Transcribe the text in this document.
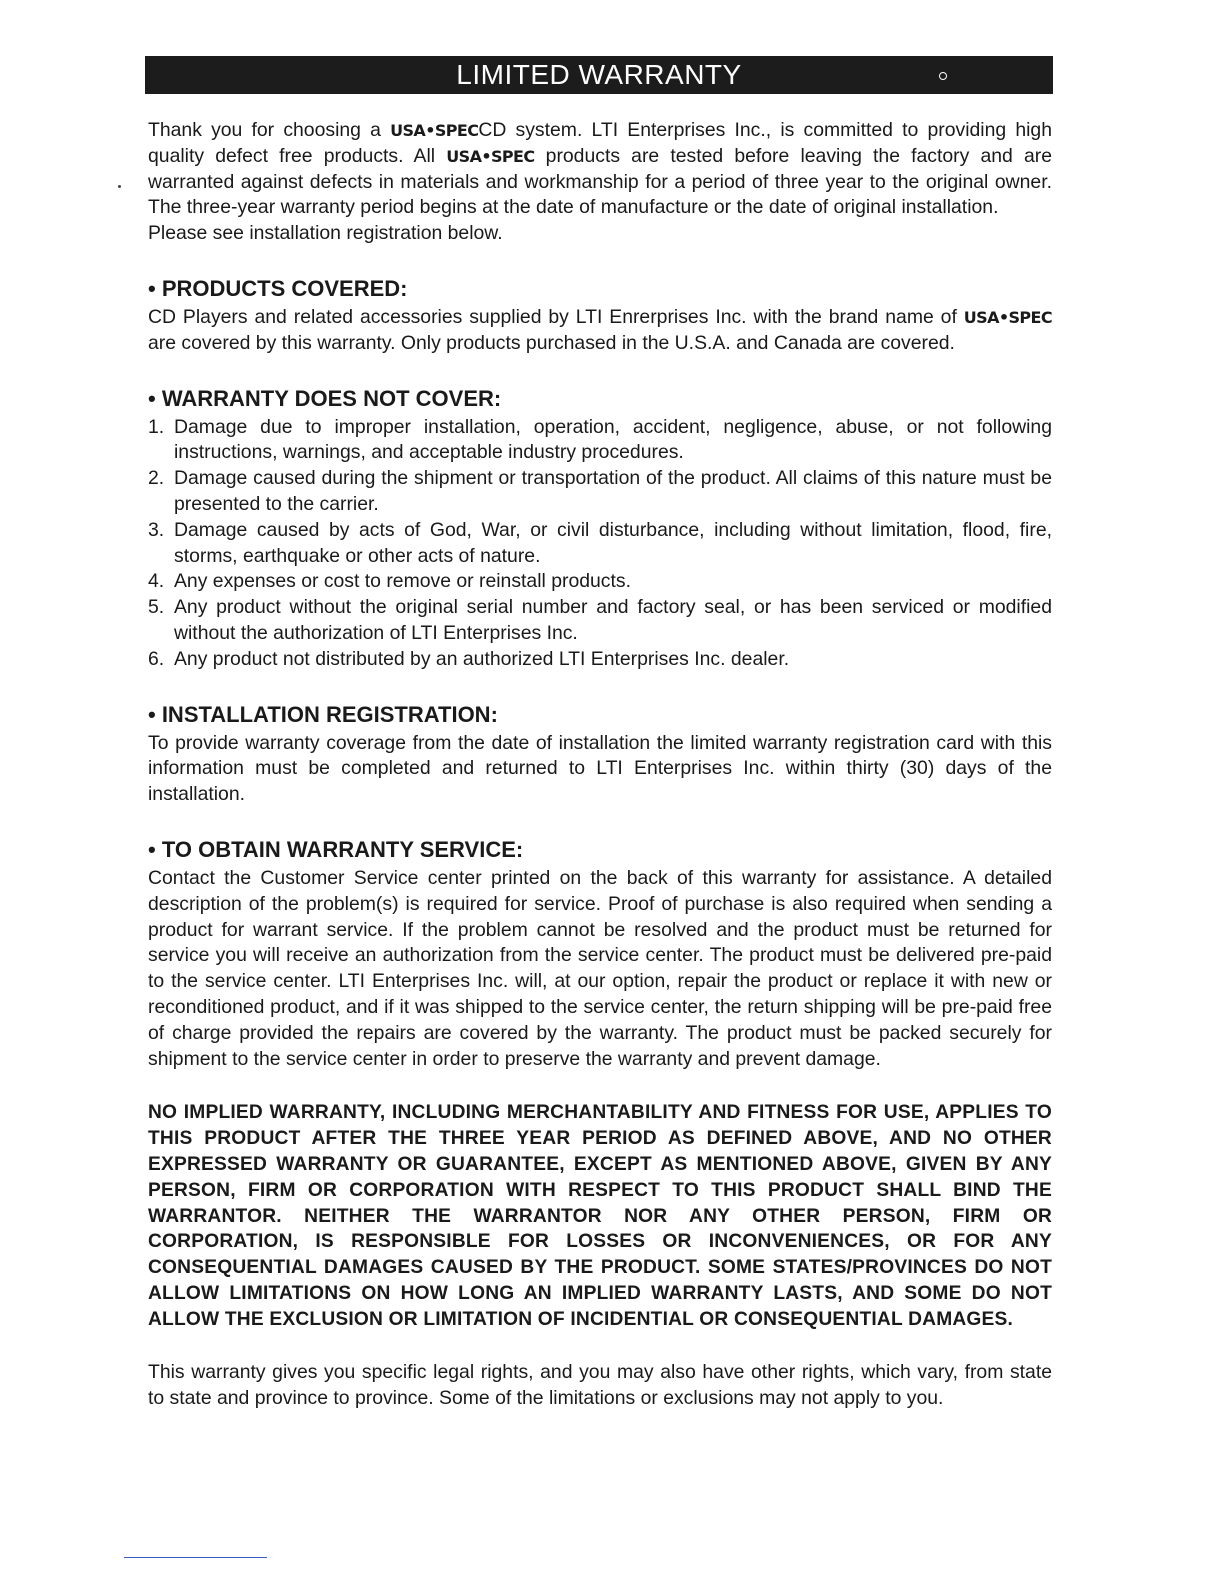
LIMITED WARRANTY

Thank you for choosing a USA•SPECCD system. LTI Enterprises Inc., is committed to providing high quality defect free products. All USA•SPEC products are tested before leaving the factory and are warranted against defects in materials and workmanship for a period of three year to the original owner. The three-year warranty period begins at the date of manufacture or the date of original installation.

Please see installation registration below.

• PRODUCTS COVERED:

CD Players and related accessories supplied by LTI Enrerprises Inc. with the brand name of USA•SPEC are covered by this warranty. Only products purchased in the U.S.A. and Canada are covered.

• WARRANTY DOES NOT COVER:
1. Damage due to improper installation, operation, accident, negligence, abuse, or not following instructions, warnings, and acceptable industry procedures.
2. Damage caused during the shipment or transportation of the product. All claims of this nature must be presented to the carrier.
3. Damage caused by acts of God, War, or civil disturbance, including without limitation, flood, fire, storms, earthquake or other acts of nature.
4. Any expenses or cost to remove or reinstall products.
5. Any product without the original serial number and factory seal, or has been serviced or modified without the authorization of LTI Enterprises Inc.
6. Any product not distributed by an authorized LTI Enterprises Inc. dealer.
• INSTALLATION REGISTRATION:

To provide warranty coverage from the date of installation the limited warranty registration card with this information must be completed and returned to LTI Enterprises Inc. within thirty (30) days of the installation.

• TO OBTAIN WARRANTY SERVICE:

Contact the Customer Service center printed on the back of this warranty for assistance. A detailed description of the problem(s) is required for service. Proof of purchase is also required when sending a product for warrant service. If the problem cannot be resolved and the product must be returned for service you will receive an authorization from the service center. The product must be delivered pre-paid to the service center. LTI Enterprises Inc. will, at our option, repair the product or replace it with new or reconditioned product, and if it was shipped to the service center, the return shipping will be pre-paid free of charge provided the repairs are covered by the warranty. The product must be packed securely for shipment to the service center in order to preserve the warranty and prevent damage.

NO IMPLIED WARRANTY, INCLUDING MERCHANTABILITY AND FITNESS FOR USE, APPLIES TO THIS PRODUCT AFTER THE THREE YEAR PERIOD AS DEFINED ABOVE, AND NO OTHER EXPRESSED WARRANTY OR GUARANTEE, EXCEPT AS MENTIONED ABOVE, GIVEN BY ANY PERSON, FIRM OR CORPORATION WITH RESPECT TO THIS PRODUCT SHALL BIND THE WARRANTOR. NEITHER THE WARRANTOR NOR ANY OTHER PERSON, FIRM OR CORPORATION, IS RESPONSIBLE FOR LOSSES OR INCONVENIENCES, OR FOR ANY CONSEQUENTIAL DAMAGES CAUSED BY THE PRODUCT. SOME STATES/PROVINCES DO NOT ALLOW LIMITATIONS ON HOW LONG AN IMPLIED WARRANTY LASTS, AND SOME DO NOT ALLOW THE EXCLUSION OR LIMITATION OF INCIDENTIAL OR CONSEQUENTIAL DAMAGES.

This warranty gives you specific legal rights, and you may also have other rights, which vary, from state to state and province to province. Some of the limitations or exclusions may not apply to you.
